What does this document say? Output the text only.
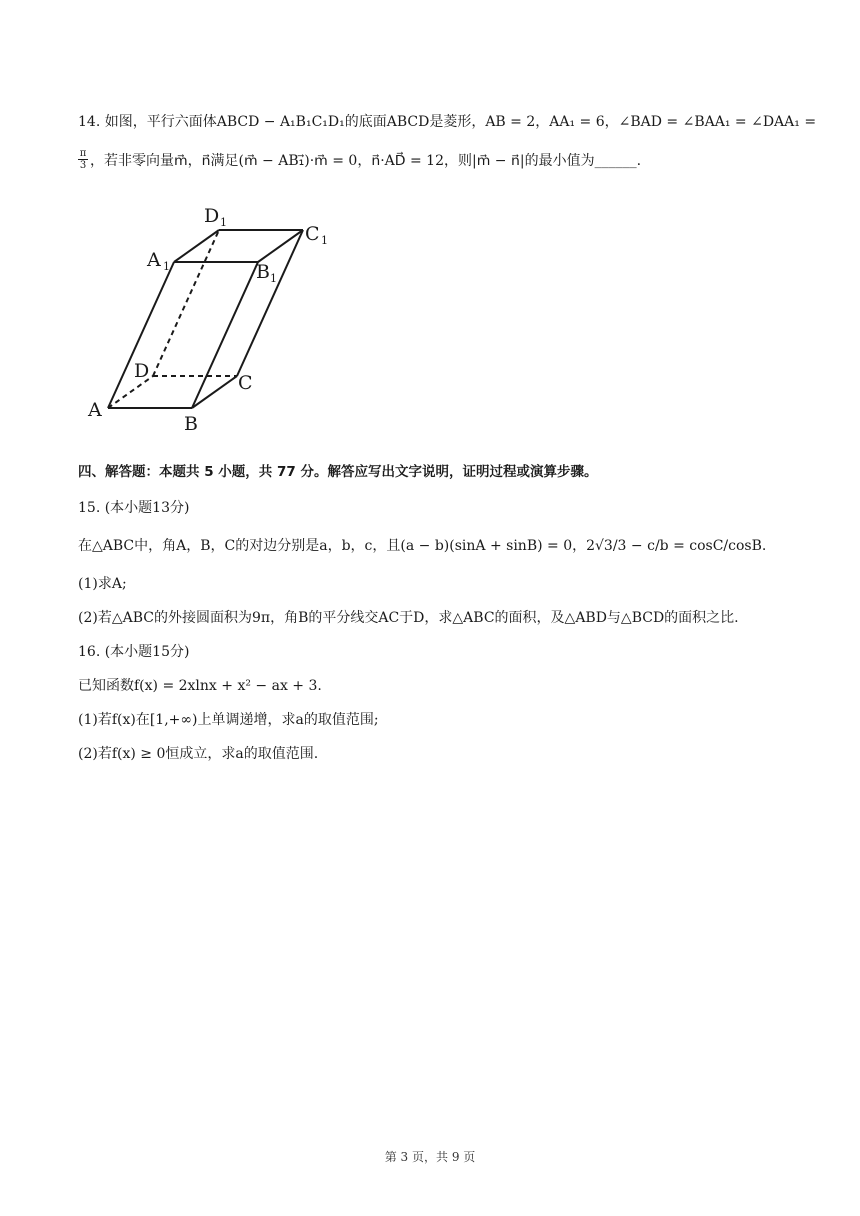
14. 如图，平行六面体ABCD − A₁B₁C₁D₁的底面ABCD是菱形，AB = 2，AA₁ = 6，∠BAD = ∠BAA₁ = ∠DAA₁ =
$\frac{\pi}{3}$ ，若非零向量m⃗，n⃗满足(m⃗ − AB₁⃗)·m⃗ = 0，n⃗·AD⃗ = 12，则|m⃗ − n⃗|的最小值为______.
A
B
C
D
A 1	B 1
C 1
D 1
四、解答题：本题共 5 小题，共 77 分。解答应写出文字说明，证明过程或演算步骤。
15. (本小题13分)
在△ABC中，角A，B，C的对边分别是a，b，c，且(a − b)(sinA + sinB) = 0，2√3/3 − c/b = cosC/cosB.
(1)求A;
(2)若△ABC的外接圆面积为9π，角B的平分线交AC于D，求△ABC的面积，及△ABD与△BCD的面积之比.
16. (本小题15分)
已知函数f(x) = 2xlnx + x² − ax + 3.
(1)若f(x)在[1,+∞)上单调递增，求a的取值范围;
(2)若f(x) ≥ 0恒成立，求a的取值范围.
第 3 页，共 9 页
